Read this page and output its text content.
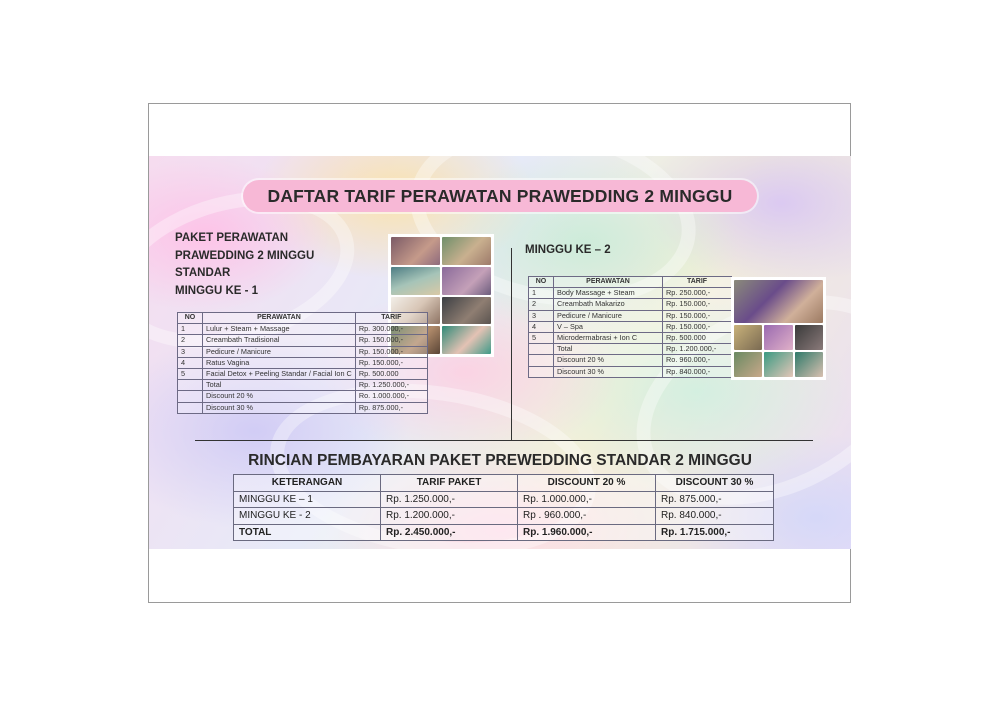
DAFTAR TARIF PERAWATAN PRAWEDDING 2 MINGGU
PAKET PERAWATAN
PRAWEDDING 2 MINGGU
STANDAR
MINGGU KE - 1
NO	PERAWATAN	TARIF
1	Lulur + Steam + Massage	Rp. 300.000,-
2	Creambath Tradisional	Rp. 150.000,-
3	Pedicure / Manicure	Rp. 150.000,-
4	Ratus Vagina	Rp. 150.000,-
5	Facial Detox + Peeling Standar / Facial Ion C	Rp. 500.000
	Total	Rp. 1.250.000,-
	Discount 20 %	Ro. 1.000.000,-
	Discount 30 %	Rp. 875.000,-
MINGGU KE – 2
NO	PERAWATAN	TARIF
1	Body Massage + Steam	Rp. 250.000,-
2	Creambath Makarizo	Rp. 150.000,-
3	Pedicure / Manicure	Rp. 150.000,-
4	V – Spa	Rp. 150.000,-
5	Microdermabrasi + Ion C	Rp. 500.000
	Total	Rp. 1.200.000,-
	Discount 20 %	Ro. 960.000,-
	Discount 30 %	Rp. 840.000,-
RINCIAN PEMBAYARAN PAKET PREWEDDING STANDAR 2 MINGGU
KETERANGAN	TARIF PAKET	DISCOUNT 20 %	DISCOUNT 30 %
MINGGU KE – 1	Rp. 1.250.000,-	Rp. 1.000.000,-	Rp. 875.000,-
MINGGU KE - 2	Rp. 1.200.000,-	Rp . 960.000,-	Rp. 840.000,-
TOTAL	Rp. 2.450.000,-	Rp. 1.960.000,-	Rp. 1.715.000,-
